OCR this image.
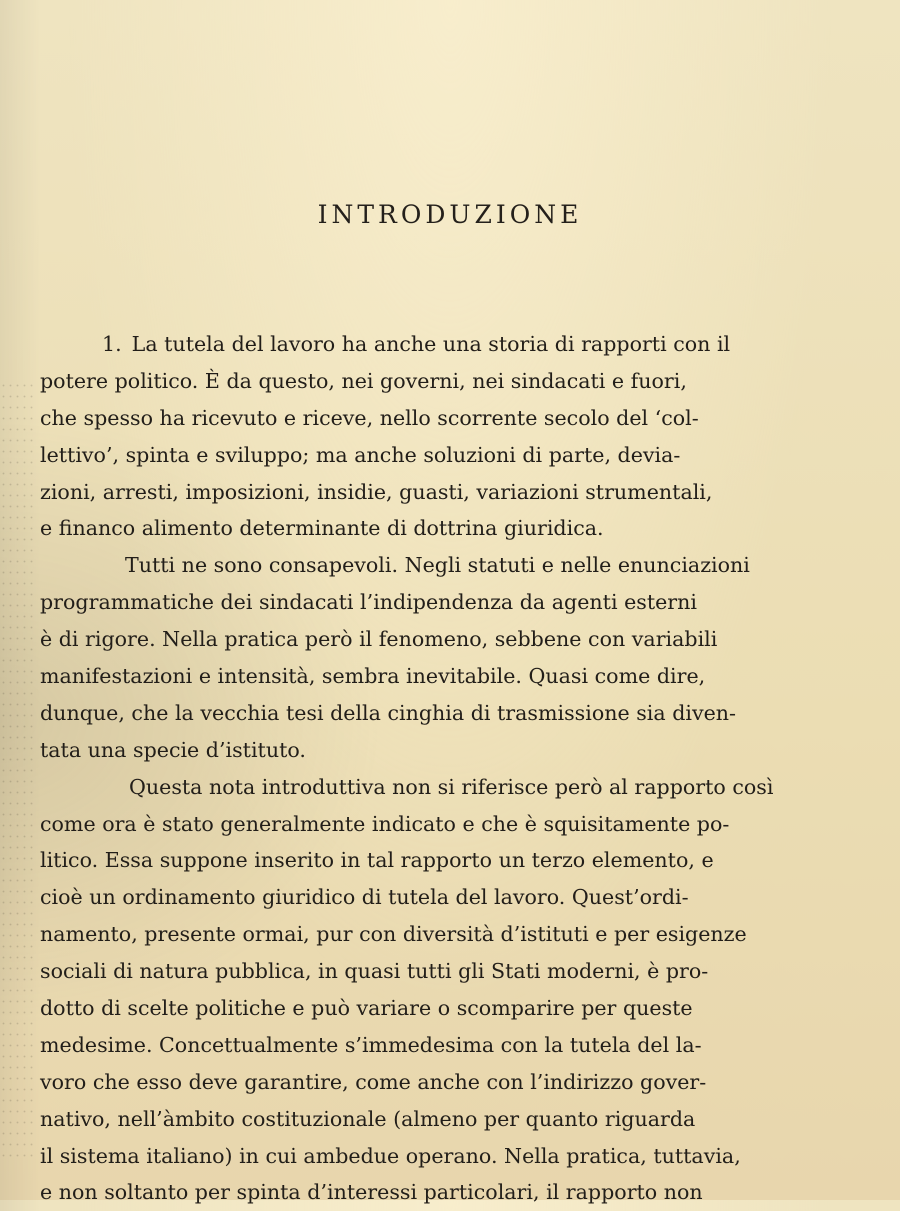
INTRODUZIONE
1. La tutela del lavoro ha anche una storia di rapporti con il
potere politico. È da questo, nei governi, nei sindacati e fuori,
che spesso ha ricevuto e riceve, nello scorrente secolo del ‘col-
lettivo’, spinta e sviluppo; ma anche soluzioni di parte, devia-
zioni, arresti, imposizioni, insidie, guasti, variazioni strumentali,
e financo alimento determinante di dottrina giuridica.
Tutti ne sono consapevoli. Negli statuti e nelle enunciazioni
programmatiche dei sindacati l’indipendenza da agenti esterni
è di rigore. Nella pratica però il fenomeno, sebbene con variabili
manifestazioni e intensità, sembra inevitabile. Quasi come dire,
dunque, che la vecchia tesi della cinghia di trasmissione sia diven-
tata una specie d’istituto.
Questa nota introduttiva non si riferisce però al rapporto così
come ora è stato generalmente indicato e che è squisitamente po-
litico. Essa suppone inserito in tal rapporto un terzo elemento, e
cioè un ordinamento giuridico di tutela del lavoro. Quest’ordi-
namento, presente ormai, pur con diversità d’istituti e per esigenze
sociali di natura pubblica, in quasi tutti gli Stati moderni, è pro-
dotto di scelte politiche e può variare o scomparire per queste
medesime. Concettualmente s’immedesima con la tutela del la-
voro che esso deve garantire, come anche con l’indirizzo gover-
nativo, nell’àmbito costituzionale (almeno per quanto riguarda
il sistema italiano) in cui ambedue operano. Nella pratica, tuttavia,
e non soltanto per spinta d’interessi particolari, il rapporto non
